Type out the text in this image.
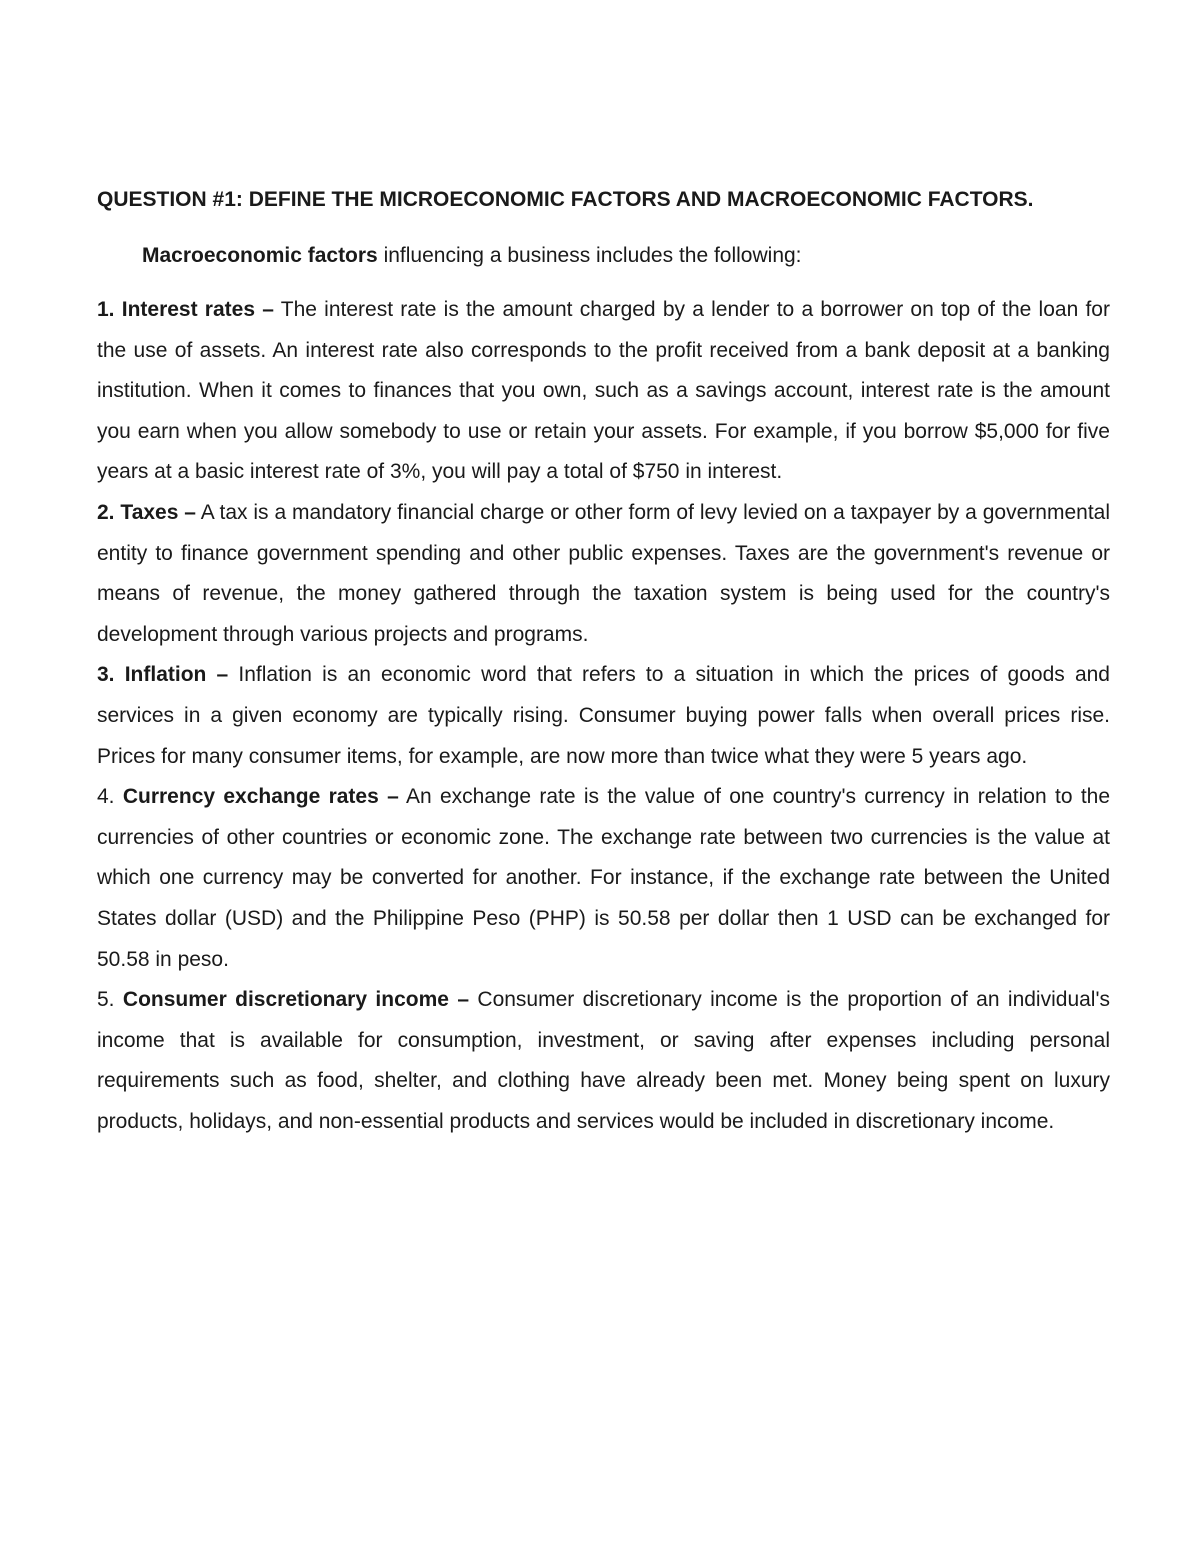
QUESTION #1: DEFINE THE MICROECONOMIC FACTORS AND MACROECONOMIC FACTORS.

Macroeconomic factors influencing a business includes the following:

1. Interest rates – The interest rate is the amount charged by a lender to a borrower on top of the loan for the use of assets. An interest rate also corresponds to the profit received from a bank deposit at a banking institution. When it comes to finances that you own, such as a savings account, interest rate is the amount you earn when you allow somebody to use or retain your assets. For example, if you borrow $5,000 for five years at a basic interest rate of 3%, you will pay a total of $750 in interest.

2. Taxes – A tax is a mandatory financial charge or other form of levy levied on a taxpayer by a governmental entity to finance government spending and other public expenses. Taxes are the government's revenue or means of revenue, the money gathered through the taxation system is being used for the country's development through various projects and programs.

3. Inflation – Inflation is an economic word that refers to a situation in which the prices of goods and services in a given economy are typically rising. Consumer buying power falls when overall prices rise. Prices for many consumer items, for example, are now more than twice what they were 5 years ago.

4. Currency exchange rates – An exchange rate is the value of one country's currency in relation to the currencies of other countries or economic zone. The exchange rate between two currencies is the value at which one currency may be converted for another. For instance, if the exchange rate between the United States dollar (USD) and the Philippine Peso (PHP) is 50.58 per dollar then 1 USD can be exchanged for 50.58 in peso.

5. Consumer discretionary income – Consumer discretionary income is the proportion of an individual's income that is available for consumption, investment, or saving after expenses including personal requirements such as food, shelter, and clothing have already been met. Money being spent on luxury products, holidays, and non-essential products and services would be included in discretionary income.
